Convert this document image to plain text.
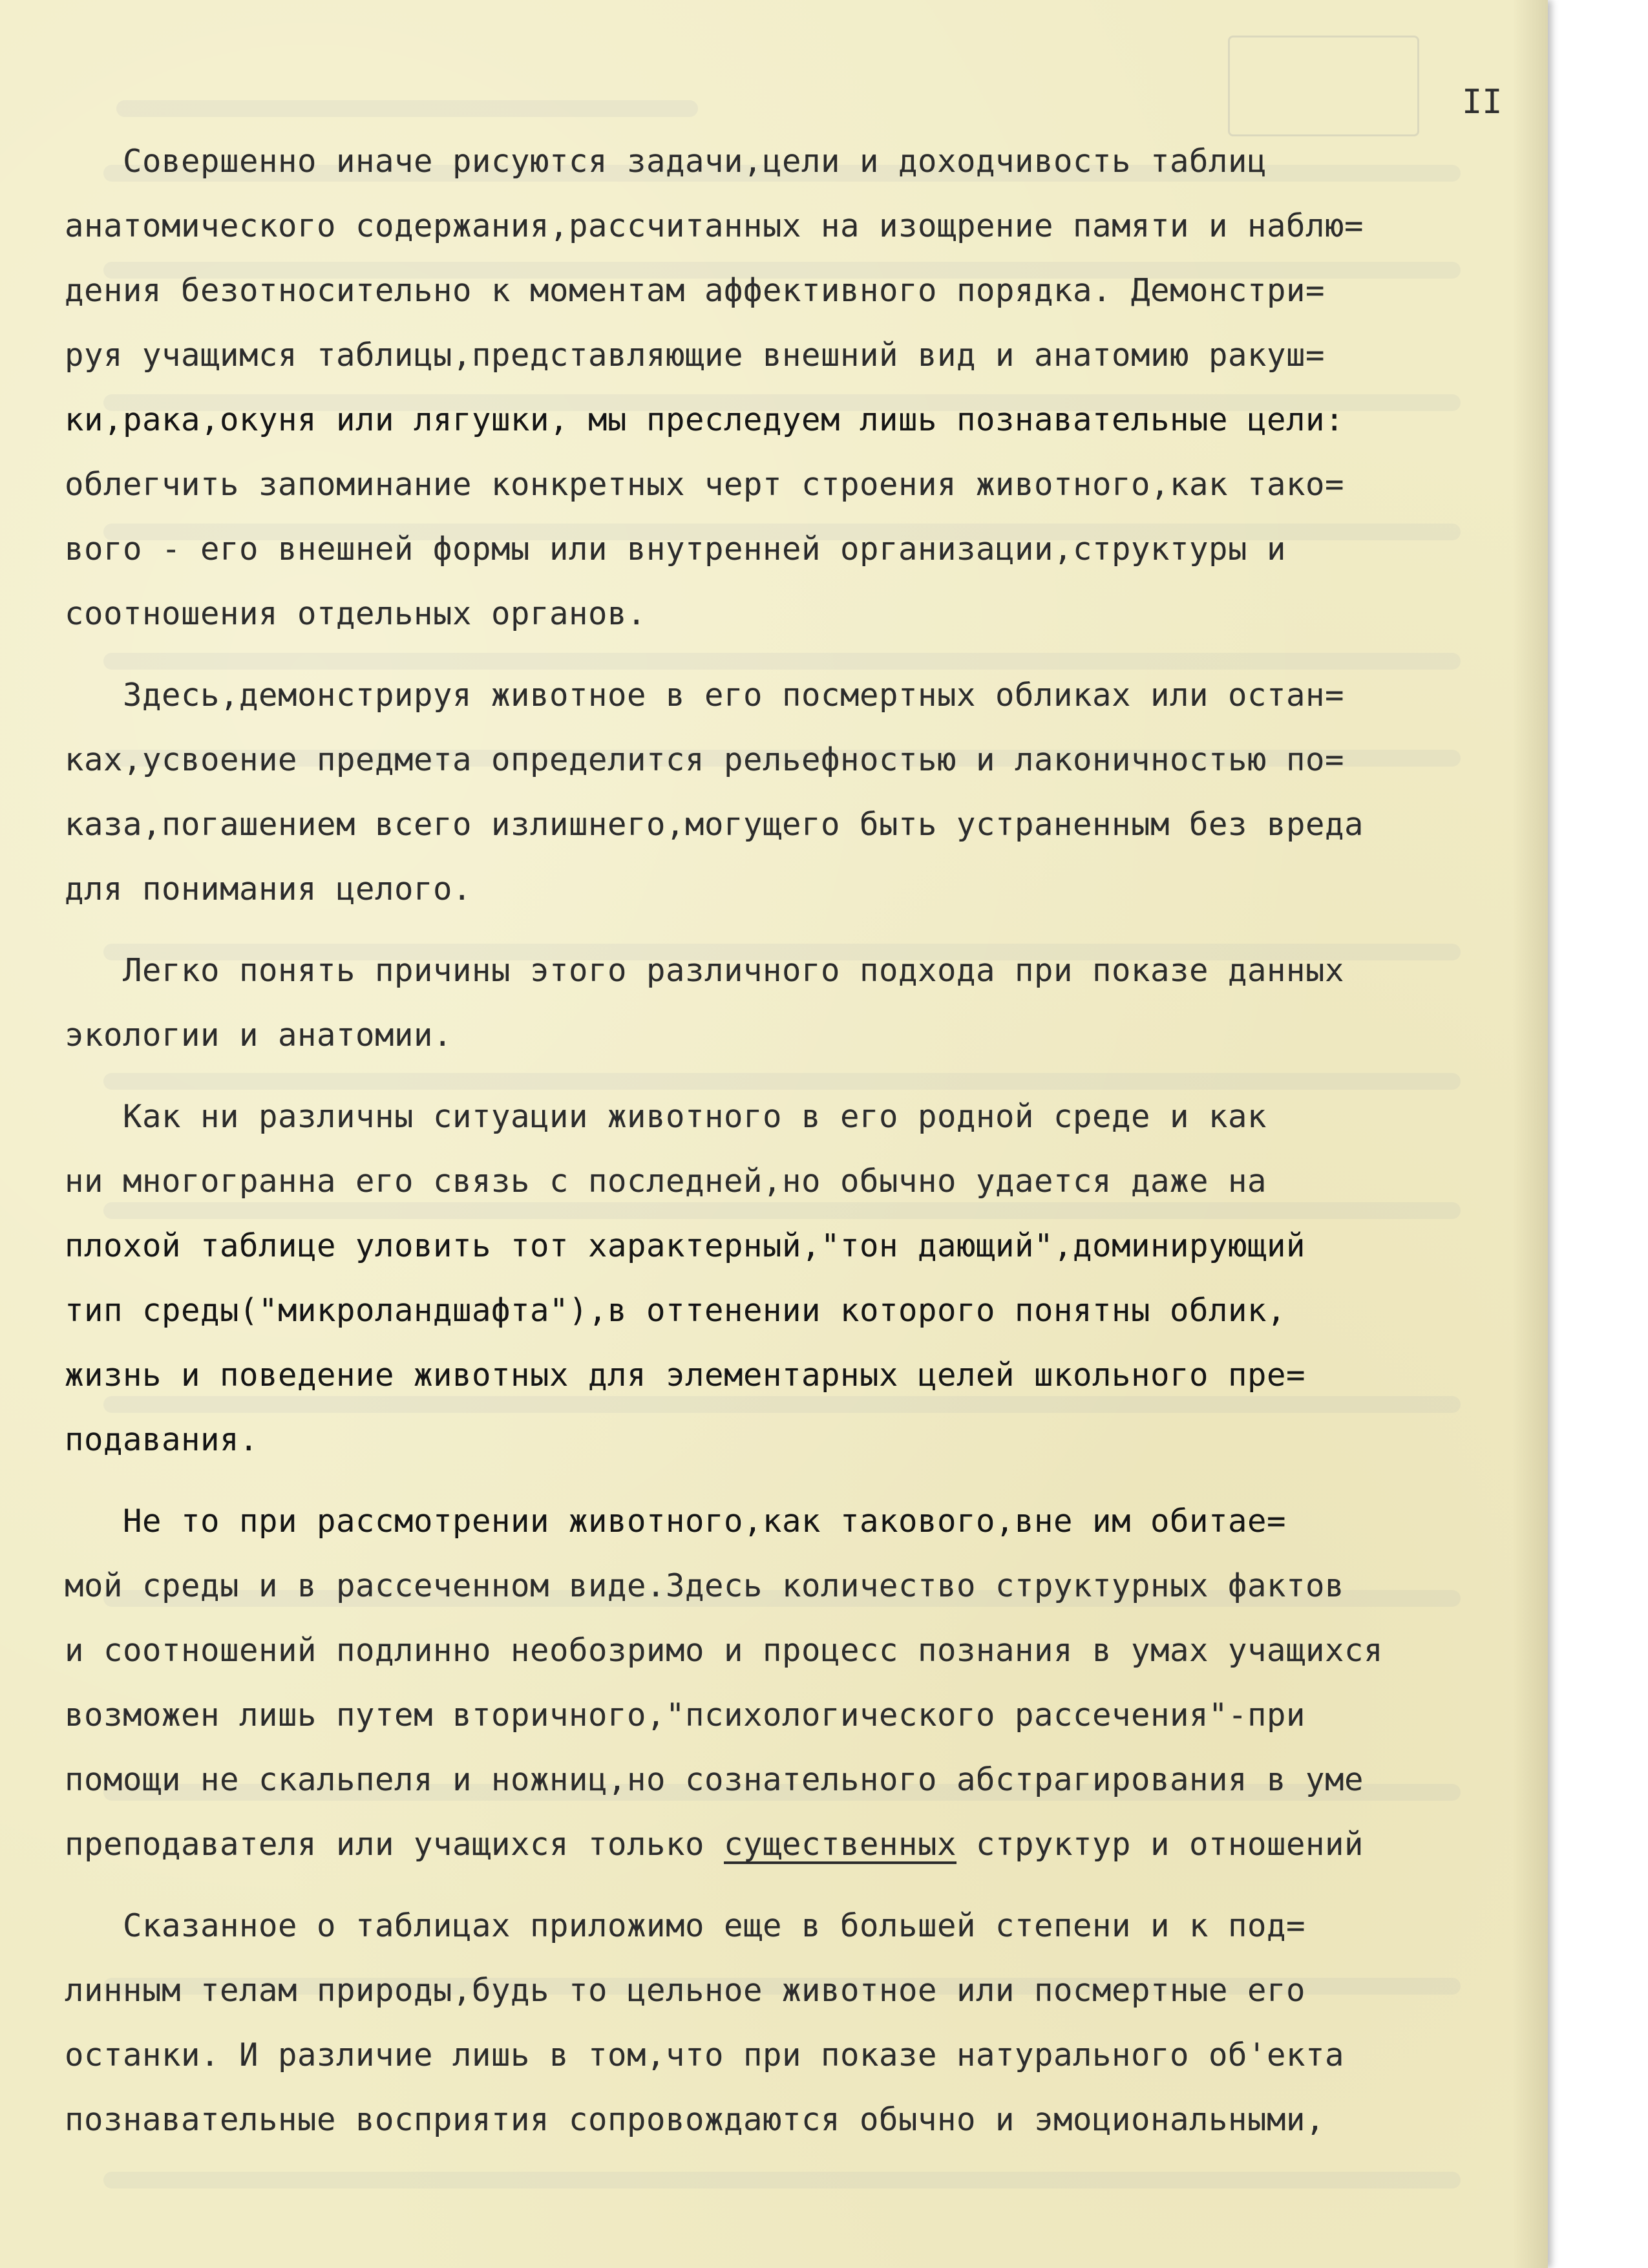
II
Совершенно иначе рисуются задачи,цели и доходчивость таблиц
анатомического содержания,рассчитанных на изощрение памяти и наблю=
дения безотносительно к моментам аффективного порядка. Демонстри=
руя учащимся таблицы,представляющие внешний вид и анатомию ракуш=
ки,рака,окуня или лягушки, мы преследуем лишь познавательные цели:
облегчить запоминание конкретных черт строения животного,как тако=
вого - его внешней формы или внутренней организации,структуры и
соотношения отдельных органов.
Здесь,демонстрируя животное в его посмертных обликах или остан=
ках,усвоение предмета определится рельефностью и лаконичностью по=
каза,погашением всего излишнего,могущего быть устраненным без вреда
для понимания целого.
Легко понять причины этого различного подхода при показе данных
экологии и анатомии.
Как ни различны ситуации животного в его родной среде и как
ни многогранна его связь с последней,но обычно удается даже на
плохой таблице уловить тот характерный,"тон дающий",доминирующий
тип среды("микроландшафта"),в оттенении которого понятны облик,
жизнь и поведение животных для элементарных целей школьного пре=
подавания.
Не то при рассмотрении животного,как такового,вне им обитае=
мой среды и в рассеченном виде.Здесь количество структурных фактов
и соотношений подлинно необозримо и процесс познания в умах учащихся
возможен лишь путем вторичного,"психологического рассечения"-при
помощи не скальпеля и ножниц,но сознательного абстрагирования в уме
преподавателя или учащихся только существенных структур и отношений
Сказанное о таблицах приложимо еще в большей степени и к под=
линным телам природы,будь то цельное животное или посмертные его
останки. И различие лишь в том,что при показе натурального об'екта
познавательные восприятия сопровождаются обычно и эмоциональными,
